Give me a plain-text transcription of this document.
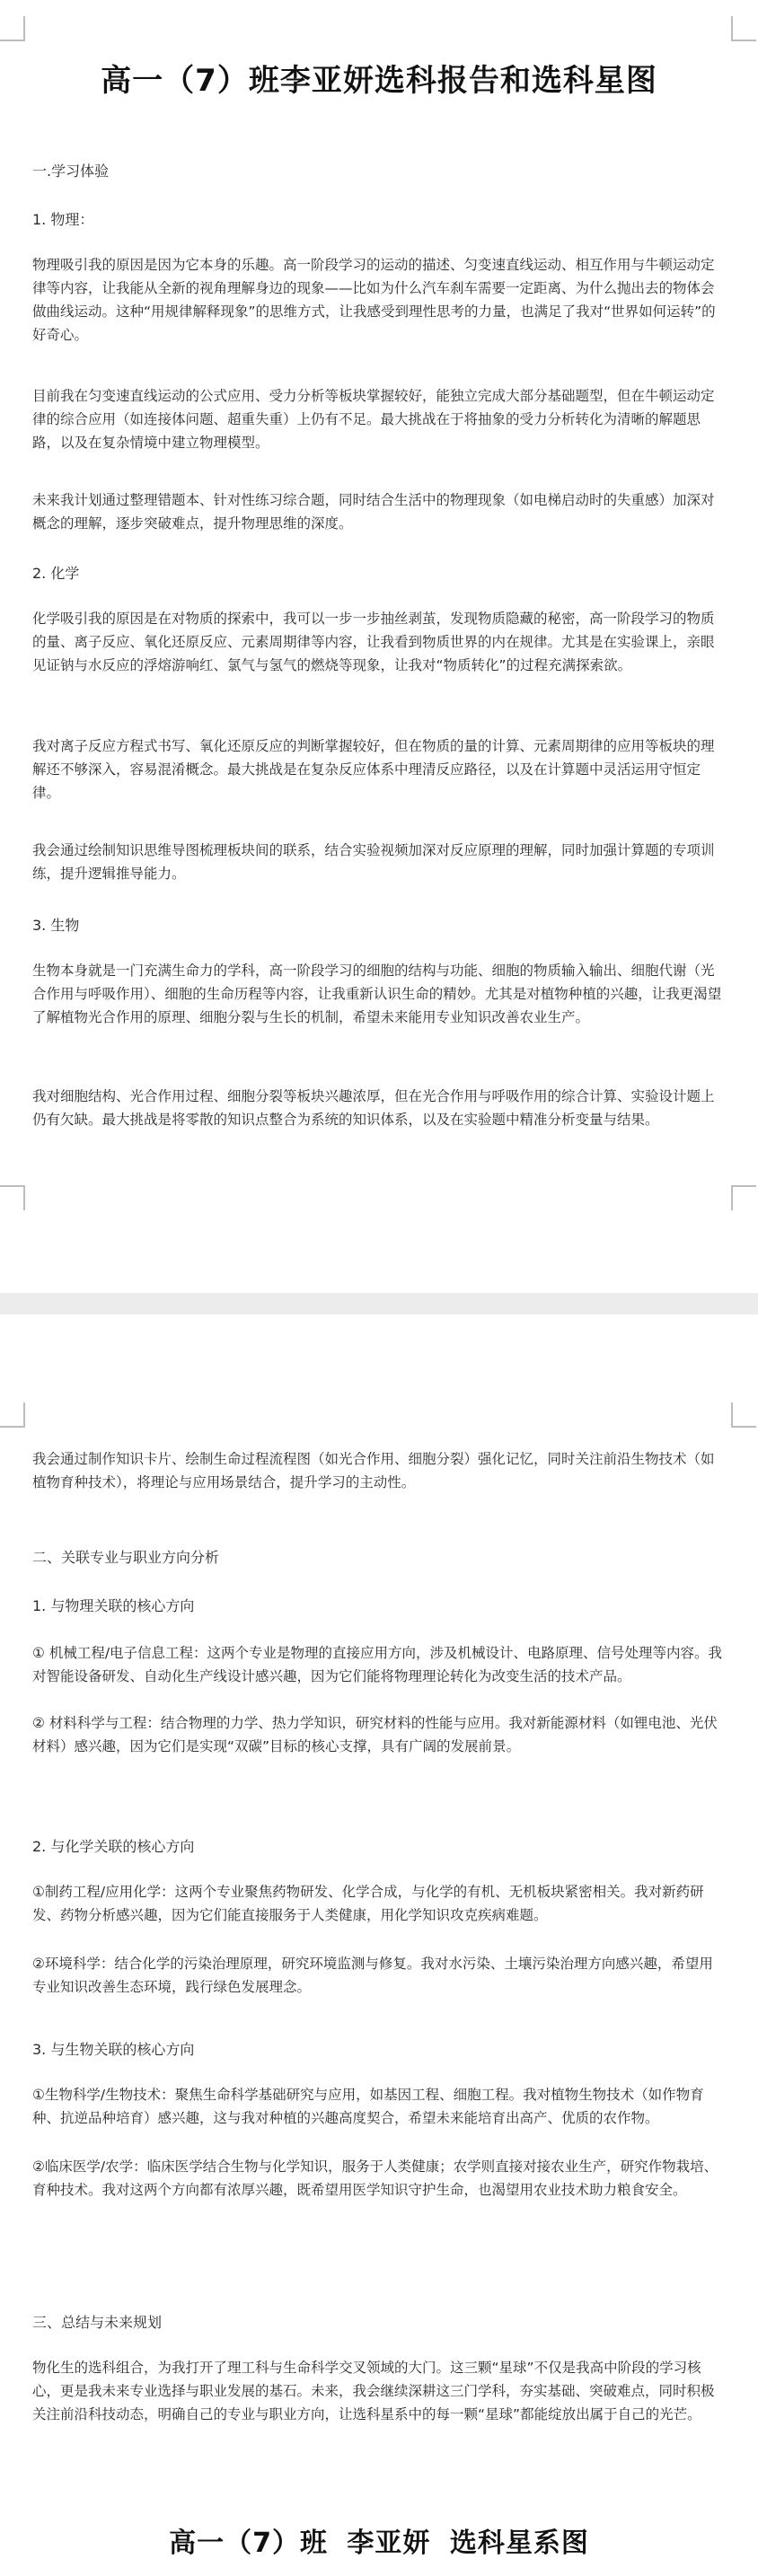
高一（7）班李亚妍选科报告和选科星图
一.学习体验
1. 物理：

物理吸引我的原因是因为它本身的乐趣。高一阶段学习的运动的描述、匀变速直线运动、相互作用与牛顿运动定律等内容，让我能从全新的视角理解身边的现象——比如为什么汽车刹车需要一定距离、为什么抛出去的物体会做曲线运动。这种“用规律解释现象”的思维方式，让我感受到理性思考的力量，也满足了我对“世界如何运转”的好奇心。

目前我在匀变速直线运动的公式应用、受力分析等板块掌握较好，能独立完成大部分基础题型，但在牛顿运动定律的综合应用（如连接体问题、超重失重）上仍有不足。最大挑战在于将抽象的受力分析转化为清晰的解题思路，以及在复杂情境中建立物理模型。

未来我计划通过整理错题本、针对性练习综合题，同时结合生活中的物理现象（如电梯启动时的失重感）加深对概念的理解，逐步突破难点，提升物理思维的深度。

2. 化学

化学吸引我的原因是在对物质的探索中，我可以一步一步抽丝剥茧，发现物质隐藏的秘密，高一阶段学习的物质的量、离子反应、氧化还原反应、元素周期律等内容，让我看到物质世界的内在规律。尤其是在实验课上，亲眼见证钠与水反应的浮熔游响红、氯气与氢气的燃烧等现象，让我对“物质转化”的过程充满探索欲。

我对离子反应方程式书写、氧化还原反应的判断掌握较好，但在物质的量的计算、元素周期律的应用等板块的理解还不够深入，容易混淆概念。最大挑战是在复杂反应体系中理清反应路径，以及在计算题中灵活运用守恒定律。

我会通过绘制知识思维导图梳理板块间的联系，结合实验视频加深对反应原理的理解，同时加强计算题的专项训练，提升逻辑推导能力。

3. 生物

生物本身就是一门充满生命力的学科，高一阶段学习的细胞的结构与功能、细胞的物质输入输出、细胞代谢（光合作用与呼吸作用）、细胞的生命历程等内容，让我重新认识生命的精妙。尤其是对植物种植的兴趣，让我更渴望了解植物光合作用的原理、细胞分裂与生长的机制，希望未来能用专业知识改善农业生产。

我对细胞结构、光合作用过程、细胞分裂等板块兴趣浓厚，但在光合作用与呼吸作用的综合计算、实验设计题上仍有欠缺。最大挑战是将零散的知识点整合为系统的知识体系，以及在实验题中精准分析变量与结果。

我会通过制作知识卡片、绘制生命过程流程图（如光合作用、细胞分裂）强化记忆，同时关注前沿生物技术（如植物育种技术），将理论与应用场景结合，提升学习的主动性。

二、关联专业与职业方向分析
1. 与物理关联的核心方向

① 机械工程/电子信息工程：这两个专业是物理的直接应用方向，涉及机械设计、电路原理、信号处理等内容。我对智能设备研发、自动化生产线设计感兴趣，因为它们能将物理理论转化为改变生活的技术产品。

② 材料科学与工程：结合物理的力学、热力学知识，研究材料的性能与应用。我对新能源材料（如锂电池、光伏材料）感兴趣，因为它们是实现“双碳”目标的核心支撑，具有广阔的发展前景。

2. 与化学关联的核心方向

①制药工程/应用化学：这两个专业聚焦药物研发、化学合成，与化学的有机、无机板块紧密相关。我对新药研发、药物分析感兴趣，因为它们能直接服务于人类健康，用化学知识攻克疾病难题。

②环境科学：结合化学的污染治理原理，研究环境监测与修复。我对水污染、土壤污染治理方向感兴趣，希望用专业知识改善生态环境，践行绿色发展理念。

3. 与生物关联的核心方向

①生物科学/生物技术：聚焦生命科学基础研究与应用，如基因工程、细胞工程。我对植物生物技术（如作物育种、抗逆品种培育）感兴趣，这与我对种植的兴趣高度契合，希望未来能培育出高产、优质的农作物。

②临床医学/农学：临床医学结合生物与化学知识，服务于人类健康；农学则直接对接农业生产，研究作物栽培、育种技术。我对这两个方向都有浓厚兴趣，既希望用医学知识守护生命，也渴望用农业技术助力粮食安全。

三、总结与未来规划

物化生的选科组合，为我打开了理工科与生命科学交叉领域的大门。这三颗“星球”不仅是我高中阶段的学习核心，更是我未来专业选择与职业发展的基石。未来，我会继续深耕这三门学科，夯实基础、突破难点，同时积极关注前沿科技动态，明确自己的专业与职业方向，让选科星系中的每一颗“星球”都能绽放出属于自己的光芒。

高一（7）班 李亚妍 选科星系图
